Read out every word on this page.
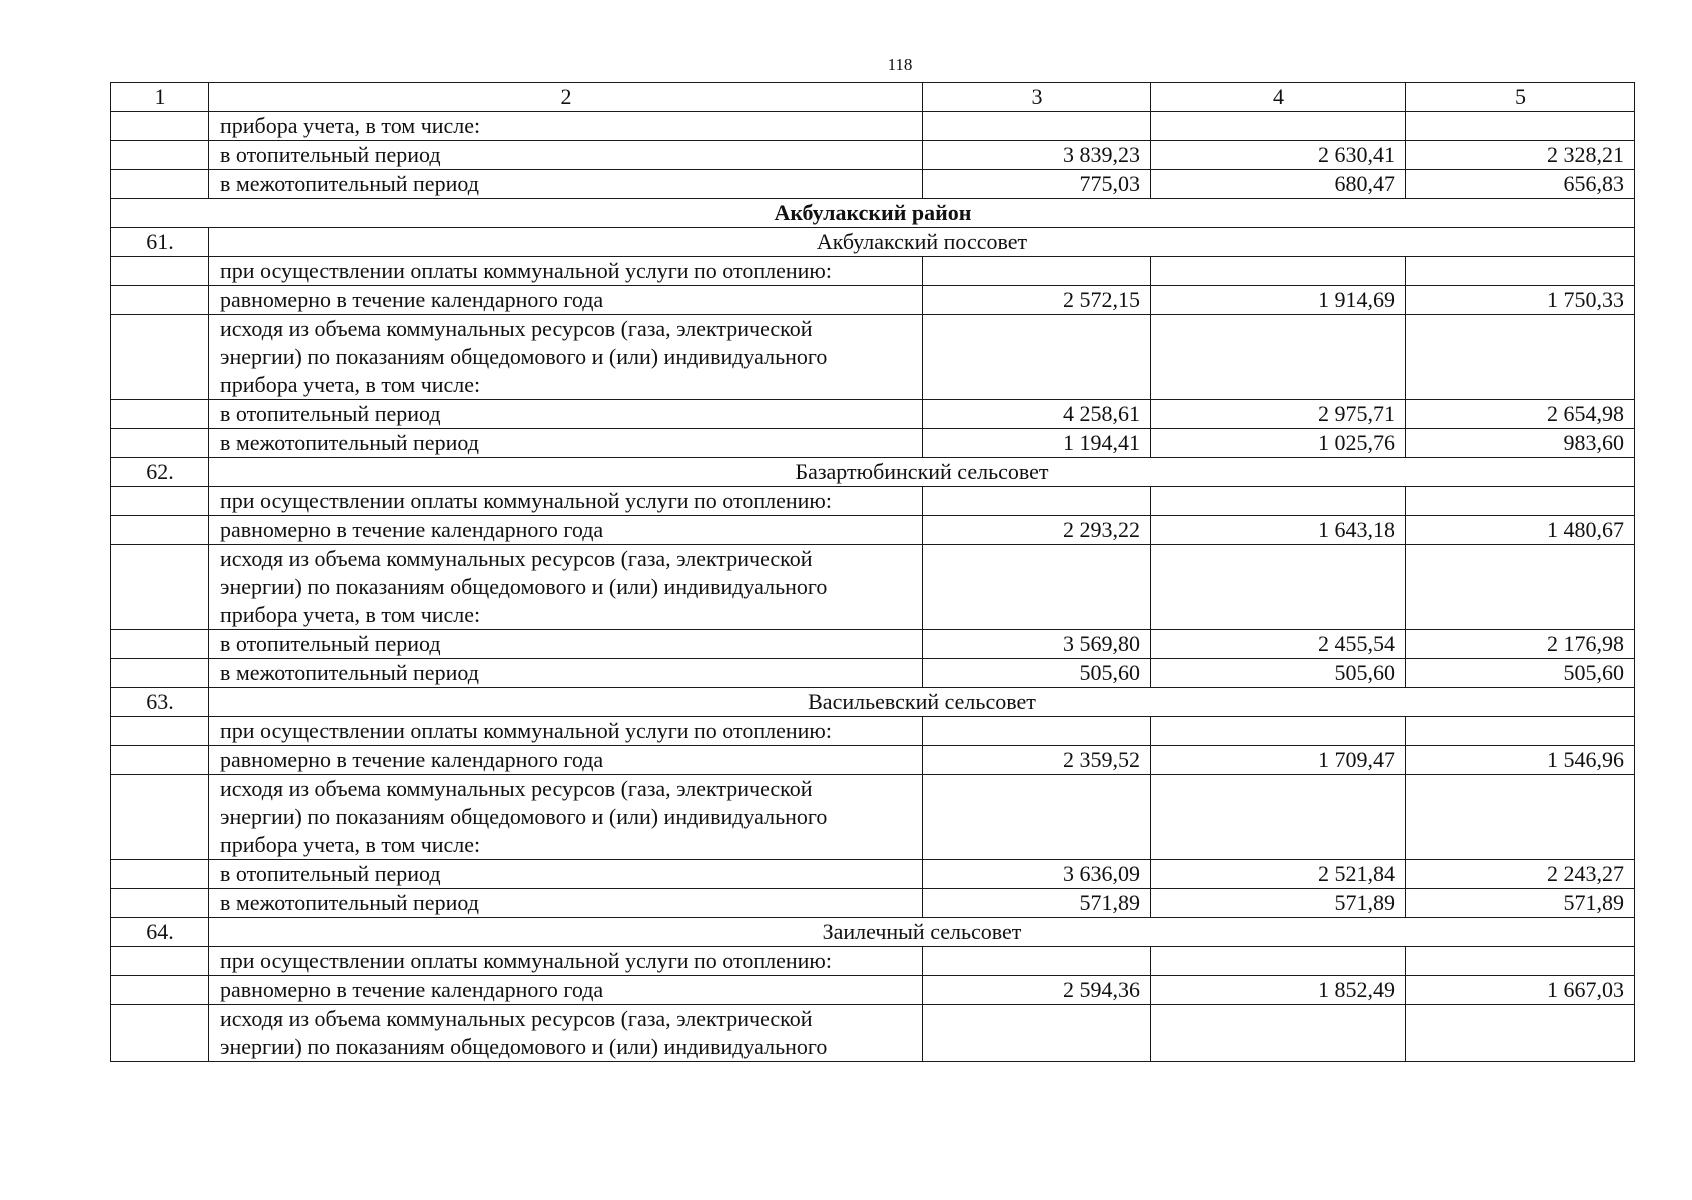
118
1	2	3	4	5
	прибора учета, в том числе:			
	в отопительный период	3 839,23	2 630,41	2 328,21
	в межотопительный период	775,03	680,47	656,83
Акбулакский район				
61.	Акбулакский поссовет			
	при осуществлении оплаты коммунальной услуги по отоплению:			
	равномерно в течение календарного года	2 572,15	1 914,69	1 750,33

	исходя из объема коммунальных ресурсов (газа, электрической
энергии) по показаниям общедомового и (или) индивидуального
прибора учета, в том числе:			

	в отопительный период	4 258,61	2 975,71	2 654,98
	в межотопительный период	1 194,41	1 025,76	983,60
62.	Базартюбинский сельсовет			
	при осуществлении оплаты коммунальной услуги по отоплению:			
	равномерно в течение календарного года	2 293,22	1 643,18	1 480,67

	исходя из объема коммунальных ресурсов (газа, электрической
энергии) по показаниям общедомового и (или) индивидуального
прибора учета, в том числе:			

	в отопительный период	3 569,80	2 455,54	2 176,98
	в межотопительный период	505,60	505,60	505,60
63.	Васильевский сельсовет			
	при осуществлении оплаты коммунальной услуги по отоплению:			
	равномерно в течение календарного года	2 359,52	1 709,47	1 546,96

	исходя из объема коммунальных ресурсов (газа, электрической
энергии) по показаниям общедомового и (или) индивидуального
прибора учета, в том числе:			

	в отопительный период	3 636,09	2 521,84	2 243,27
	в межотопительный период	571,89	571,89	571,89
64.	Заилечный сельсовет			
	при осуществлении оплаты коммунальной услуги по отоплению:			
	равномерно в течение календарного года	2 594,36	1 852,49	1 667,03

	исходя из объема коммунальных ресурсов (газа, электрической
энергии) по показаниям общедомового и (или) индивидуального			
